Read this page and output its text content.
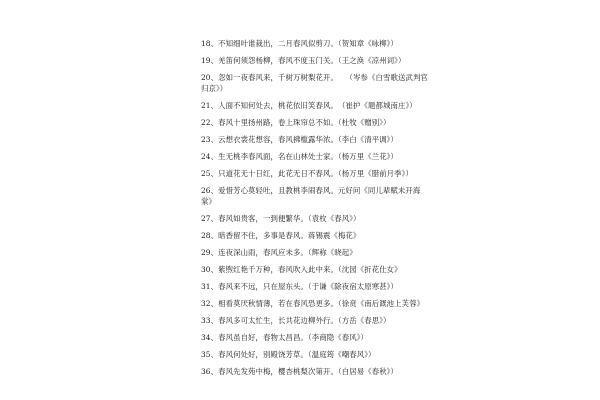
18、不知细叶谁裁出，二月春风似剪刀。（贺知章《咏柳》）
19、羌笛何须怨杨柳，春风不度玉门关。（王之涣《凉州词》）
20、忽如一夜春风来，千树万树梨花开。　　（岑参《白雪歌送武判官
归京》）
21、人面不知何处去，桃花依旧笑春风。　（崔护《题都城南庄》）
22、春风十里扬州路，卷上珠帘总不如。（杜牧《赠别》）
23、云想衣裳花想容，春风拂槛露华浓。（李白《清平调》）
24、生无桃李春风面，名在山林处士家。（杨万里《兰花》）
25、只道花无十日红，此花无日不春风。（杨万里《腊前月季》）
26、爱惜芳心莫轻吐，且教桃李闹春风。元好问《同儿辈赋未开海
棠》
27、春风如贵客，一到便繁华。（袁枚《春风》）
28、暗香留不住，多事是春风。蒋锡震《梅花》
29、连夜深山雨，春风应未多。（辉称《晓起》
30、紫煦红艳千万种，春风吹入此中来。（沈园《折花仕女》
31、春风来不远，只在屋东头。（于谦《除夜宿太原寒甚》）
32、相看莫厌秋情薄，若在春风恐更多。（徐贲《南后溉池上芙蓉》
33、春风多可太忙生，长共花边柳外行。（方岳《春思》）
34、春风虽自好，春物太昌昌。（李商隐《春风》）
35、春风何处好，别殿饶芳草。（温庭筠《嘲春风》）
36、春风先发苑中梅，樱杏桃梨次第开。（白居易《春秋》）
